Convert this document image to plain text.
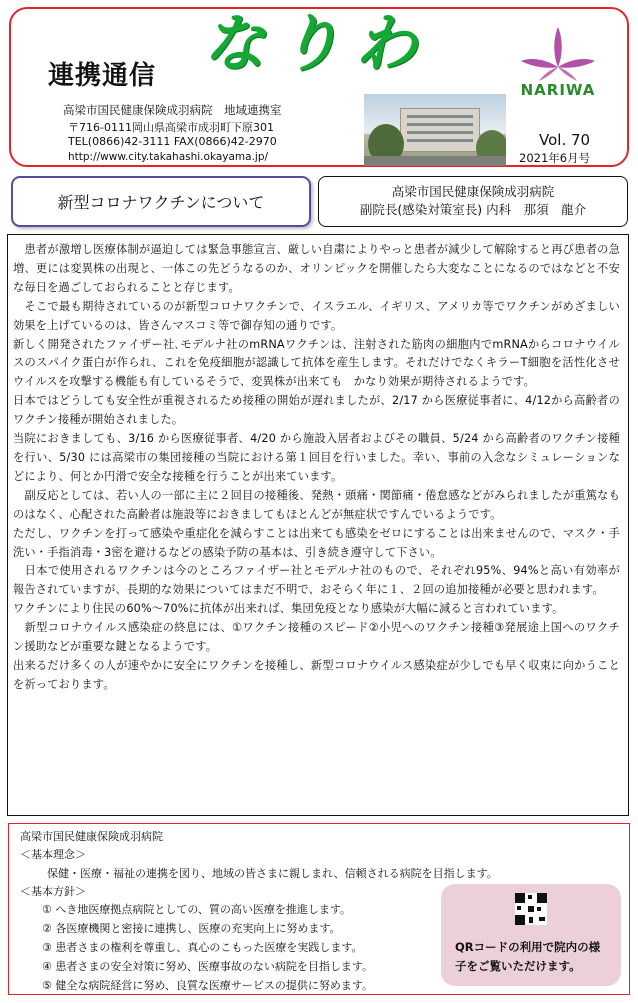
連携通信 なりわ
高梁市国民健康保険成羽病院　地域連携室
〒716-0111岡山県高梁市成羽町下原301
TEL(0866)42-3111 FAX(0866)42-2970
http://www.city.takahashi.okayama.jp/
NARIWA
Vol. 70
2021年6月号
新型コロナワクチンについて
高梁市国民健康保険成羽病院
副院長(感染対策室長) 内科　那須　龍介

　患者が激増し医療体制が逼迫しては緊急事態宣言、厳しい自粛によりやっと患者が減少して解除すると再び患者の急増、更には変異株の出現と、一体この先どうなるのか、オリンピックを開催したら大変なことになるのではなどと不安な毎日を過ごしておられることと存じます。

　そこで最も期待されているのが新型コロナワクチンで、イスラエル、イギリス、アメリカ等でワクチンがめざましい効果を上げているのは、皆さんマスコミ等で御存知の通りです。

新しく開発されたファイザー社､モデルナ社のmRNAワクチンは、注射された筋肉の細胞内でmRNAからコロナウイルスのスパイク蛋白が作られ、これを免疫細胞が認識して抗体を産生します。それだけでなくキラーT細胞を活性化させウイルスを攻撃する機能も有しているそうで、変異株が出来ても　かなり効果が期待されるようです。

日本ではどうしても安全性が重視されるため接種の開始が遅れましたが、2/17 から医療従事者に、4/12から高齢者のワクチン接種が開始されました。

当院におきましても、3/16 から医療従事者、4/20 から施設入居者およびその職員、5/24 から高齢者のワクチン接種を行い、5/30 には高梁市の集団接種の当院における第１回目を行いました。幸い、事前の入念なシミュレーションなどにより、何とか円滑で安全な接種を行うことが出来ています。

　副反応としては、若い人の一部に主に２回目の接種後、発熱・頭痛・関節痛・倦怠感などがみられましたが重篤なものはなく、心配された高齢者は施設等におきましてもほとんどが無症状ですんでいるようです。

ただし、ワクチンを打って感染や重症化を減らすことは出来ても感染をゼロにすることは出来ませんので、マスク・手洗い・手指消毒・3密を避けるなどの感染予防の基本は、引き続き遵守して下さい。

　日本で使用されるワクチンは今のところファイザー社とモデルナ社のもので、それぞれ95%、94%と高い有効率が報告されていますが、長期的な効果についてはまだ不明で、おそらく年に１、２回の追加接種が必要と思われます。

ワクチンにより住民の60%～70%に抗体が出来れば、集団免疫となり感染が大幅に減ると言われています。

　新型コロナウイルス感染症の終息には、①ワクチン接種のスピード②小児へのワクチン接種③発展途上国へのワクチン援助などが重要な鍵となるようです。

出来るだけ多くの人が速やかに安全にワクチンを接種し、新型コロナウイルス感染症が少しでも早く収束に向かうことを祈っております。

高梁市国民健康保険成羽病院
＜基本理念＞
保健・医療・福祉の連携を図り、地域の皆さまに親しまれ、信頼される病院を目指します。
＜基本方針＞
① へき地医療拠点病院としての、質の高い医療を推進します。
② 各医療機関と密接に連携し、医療の充実向上に努めます。
③ 患者さまの権利を尊重し、真心のこもった医療を実践します。
④ 患者さまの安全対策に努め、医療事故のない病院を目指します。
⑤ 健全な病院経営に努め、良質な医療サービスの提供に努めます。
QRコードの利用で院内の様子をご覧いただけます。
